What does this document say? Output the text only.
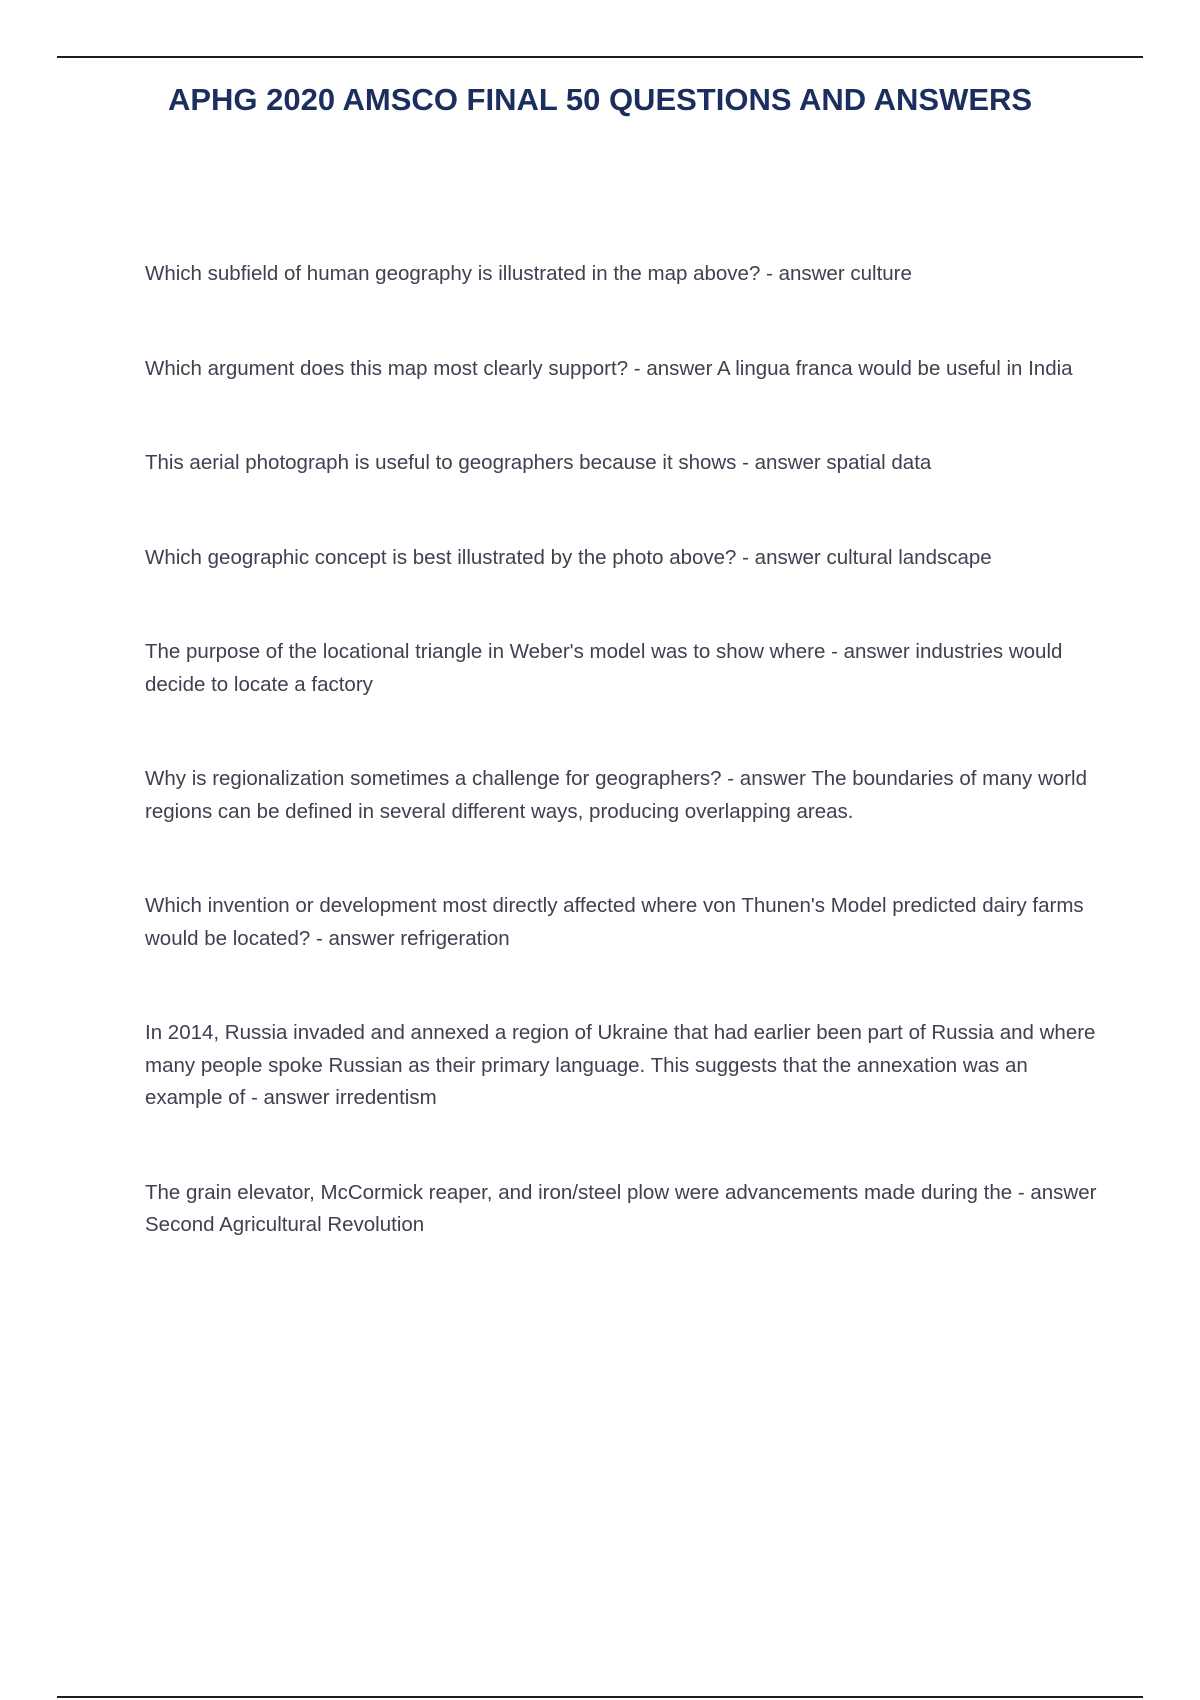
APHG 2020 AMSCO FINAL 50 QUESTIONS AND ANSWERS
Which subfield of human geography is illustrated in the map above? - answer culture
Which argument does this map most clearly support? - answer A lingua franca would be useful in India
This aerial photograph is useful to geographers because it shows - answer spatial data
Which geographic concept is best illustrated by the photo above? - answer cultural landscape
The purpose of the locational triangle in Weber's model was to show where - answer industries would decide to locate a factory
Why is regionalization sometimes a challenge for geographers? - answer The boundaries of many world regions can be defined in several different ways, producing overlapping areas.
Which invention or development most directly affected where von Thunen's Model predicted dairy farms would be located? - answer refrigeration
In 2014, Russia invaded and annexed a region of Ukraine that had earlier been part of Russia and where many people spoke Russian as their primary language. This suggests that the annexation was an example of - answer irredentism
The grain elevator, McCormick reaper, and iron/steel plow were advancements made during the - answer Second Agricultural Revolution
